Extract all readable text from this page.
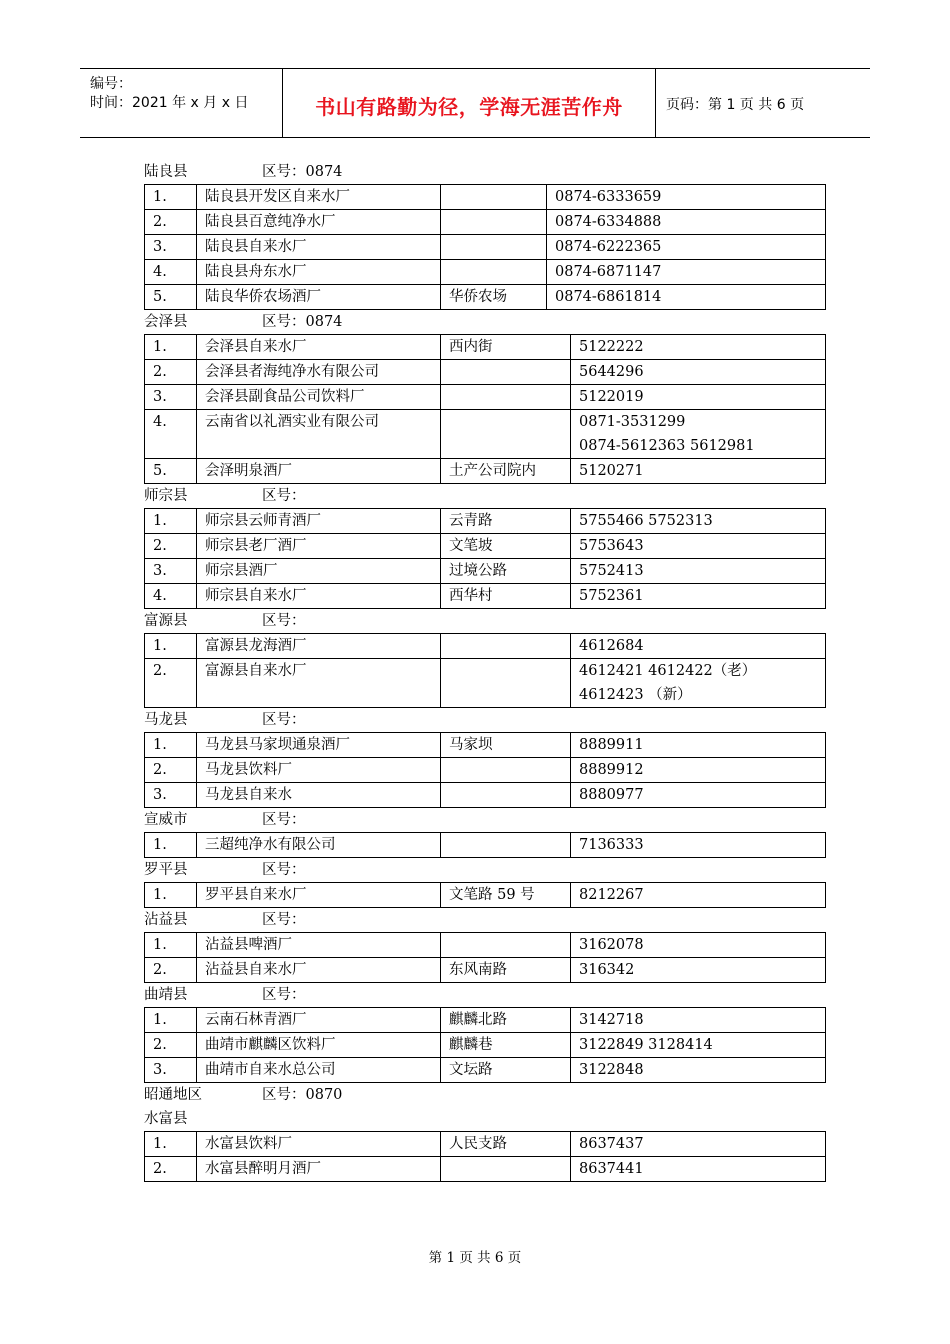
编号：
时间：2021 年 x 月 x 日	书山有路勤为径，学海无涯苦作舟	页码：第 1 页 共 6 页
陆良县	区号：0874
1.	陆良县开发区自来水厂		0874-6333659

2.	陆良县百意纯净水厂		0874-6334888

3.	陆良县自来水厂		0874-6222365

4.	陆良县舟东水厂		0874-6871147

5.	陆良华侨农场酒厂	华侨农场	0874-6861814
会泽县	区号：0874
1.	会泽县自来水厂	西内街	5122222

2.	会泽县者海纯净水有限公司		5644296

3.	会泽县副食品公司饮料厂		5122019

4.	云南省以礼酒实业有限公司		0871-3531299
0874-5612363 5612981

5.	会泽明泉酒厂	土产公司院内	5120271
师宗县	区号：
1.	师宗县云师青酒厂	云青路	5755466 5752313

2.	师宗县老厂酒厂	文笔坡	5753643

3.	师宗县酒厂	过境公路	5752413

4.	师宗县自来水厂	西华村	5752361
富源县	区号：
1.	富源县龙海酒厂		4612684

2.	富源县自来水厂		4612421 4612422（老）
4612423 （新）
马龙县	区号：
1.	马龙县马家坝通泉酒厂	马家坝	8889911

2.	马龙县饮料厂		8889912

3.	马龙县自来水		8880977
宣威市	区号：
1.	三超纯净水有限公司		7136333
罗平县	区号：
1.	罗平县自来水厂	文笔路 59 号	8212267
沾益县	区号：
1.	沾益县啤酒厂		3162078

2.	沾益县自来水厂	东风南路	316342
曲靖县	区号：
1.	云南石林青酒厂	麒麟北路	3142718

2.	曲靖市麒麟区饮料厂	麒麟巷	3122849 3128414

3.	曲靖市自来水总公司	文坛路	3122848
昭通地区	区号：0870
水富县
1.	水富县饮料厂	人民支路	8637437

2.	水富县醉明月酒厂		8637441
第 1 页 共 6 页
